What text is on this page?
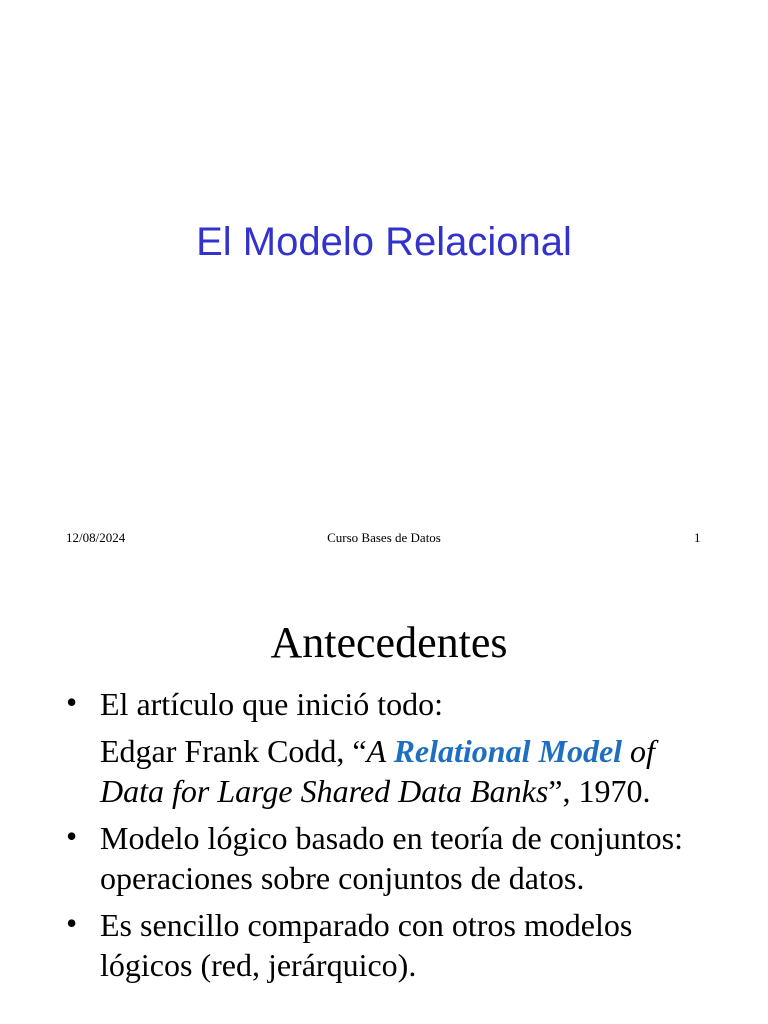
El Modelo Relacional
12/08/2024	Curso Bases de Datos	1
Antecedentes
• El artículo que inició todo:
Edgar Frank Codd, “A Relational Model of
Data for Large Shared Data Banks”, 1970.
• Modelo lógico basado en teoría de conjuntos:
operaciones sobre conjuntos de datos.
• Es sencillo comparado con otros modelos
lógicos (red, jerárquico).
